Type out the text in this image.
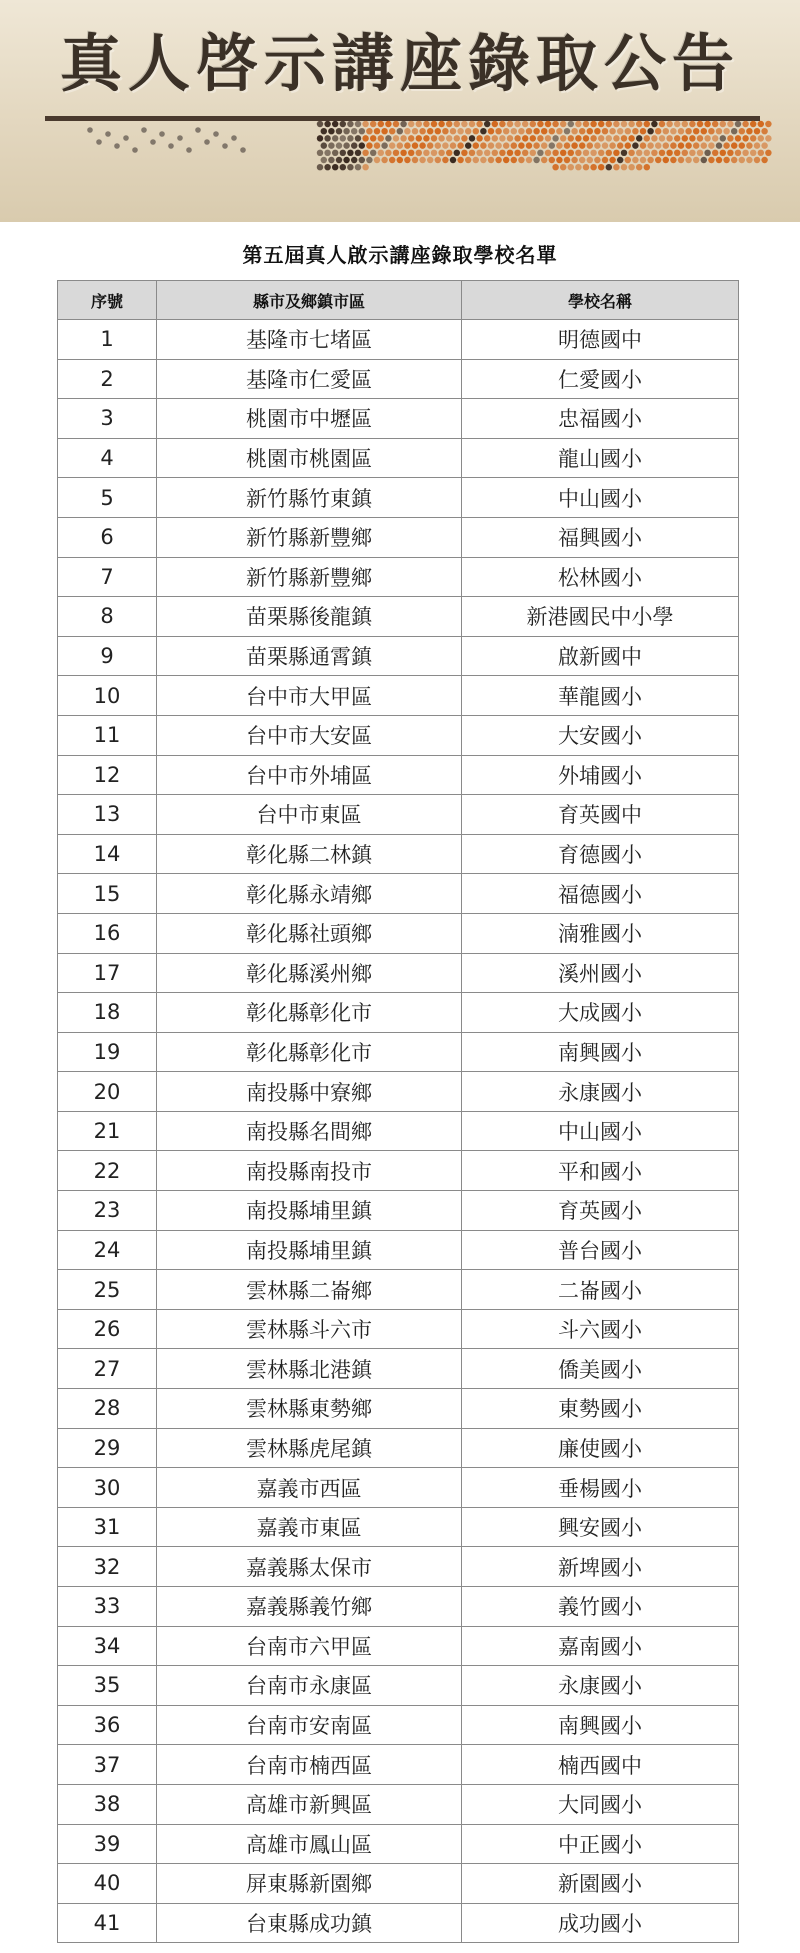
真人啓示講座錄取公告
第五屆真人啟示講座錄取學校名單
序號	縣市及鄉鎮市區	學校名稱
1	基隆市七堵區	明德國中
2	基隆市仁愛區	仁愛國小
3	桃園市中壢區	忠福國小
4	桃園市桃園區	龍山國小
5	新竹縣竹東鎮	中山國小
6	新竹縣新豐鄉	福興國小
7	新竹縣新豐鄉	松林國小
8	苗栗縣後龍鎮	新港國民中小學
9	苗栗縣通霄鎮	啟新國中
10	台中市大甲區	華龍國小
11	台中市大安區	大安國小
12	台中市外埔區	外埔國小
13	台中市東區	育英國中
14	彰化縣二林鎮	育德國小
15	彰化縣永靖鄉	福德國小
16	彰化縣社頭鄉	湳雅國小
17	彰化縣溪州鄉	溪州國小
18	彰化縣彰化市	大成國小
19	彰化縣彰化市	南興國小
20	南投縣中寮鄉	永康國小
21	南投縣名間鄉	中山國小
22	南投縣南投市	平和國小
23	南投縣埔里鎮	育英國小
24	南投縣埔里鎮	普台國小
25	雲林縣二崙鄉	二崙國小
26	雲林縣斗六市	斗六國小
27	雲林縣北港鎮	僑美國小
28	雲林縣東勢鄉	東勢國小
29	雲林縣虎尾鎮	廉使國小
30	嘉義市西區	垂楊國小
31	嘉義市東區	興安國小
32	嘉義縣太保市	新埤國小
33	嘉義縣義竹鄉	義竹國小
34	台南市六甲區	嘉南國小
35	台南市永康區	永康國小
36	台南市安南區	南興國小
37	台南市楠西區	楠西國中
38	高雄市新興區	大同國小
39	高雄市鳳山區	中正國小
40	屏東縣新園鄉	新園國小
41	台東縣成功鎮	成功國小
